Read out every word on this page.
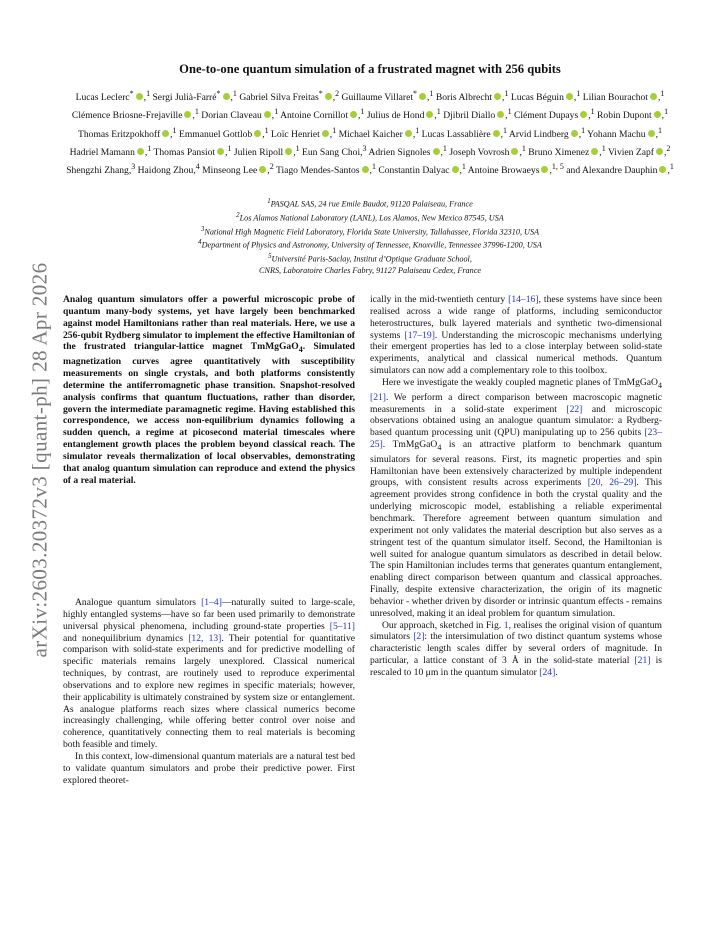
arXiv:2603.20372v3 [quant-ph] 28 Apr 2026
One-to-one quantum simulation of a frustrated magnet with 256 qubits
Lucas Leclerc* ,$^1$ Sergi Julià-Farré* ,$^1$ Gabriel Silva Freitas* ,$^2$ Guillaume Villaret* ,$^1$ Boris Albrecht ,$^1$ Lucas Béguin ,$^1$ Lilian Bourachot ,$^1$ Clémence Briosne-Frejaville ,$^1$ Dorian Claveau ,$^1$ Antoine Cornillot ,$^1$ Julius de Hond ,$^1$ Djibril Diallo ,$^1$ Clément Dupays ,$^1$ Robin Dupont ,$^1$ Thomas Eritzpokhoff ,$^1$ Emmanuel Gottlob ,$^1$ Loïc Henriet ,$^1$ Michael Kaicher ,$^1$ Lucas Lassablière ,$^1$ Arvid Lindberg ,$^1$ Yohann Machu ,$^1$ Hadriel Mamann ,$^1$ Thomas Pansiot ,$^1$ Julien Ripoll ,$^1$ Eun Sang Choi,$^3$ Adrien Signoles ,$^1$ Joseph Vovrosh ,$^1$ Bruno Ximenez ,$^1$ Vivien Zapf ,$^2$ Shengzhi Zhang,$^3$ Haidong Zhou,$^4$ Minseong Lee ,$^2$ Tiago Mendes-Santos ,$^1$ Constantin Dalyac ,$^1$ Antoine Browaeys ,$^{1, 5}$ and Alexandre Dauphin ,$^1$
$^1$PASQAL SAS, 24 rue Emile Baudot, 91120 Palaiseau, France
$^2$Los Alamos National Laboratory (LANL), Los Alamos, New Mexico 87545, USA
$^3$National High Magnetic Field Laboratory, Florida State University, Tallahassee, Florida 32310, USA
$^4$Department of Physics and Astronomy, University of Tennessee, Knoxville, Tennessee 37996-1200, USA
$^5$Université Paris-Saclay, Institut d’Optique Graduate School,
CNRS, Laboratoire Charles Fabry, 91127 Palaiseau Cedex, France

Analog quantum simulators offer a powerful microscopic probe of quantum many-body systems, yet have largely been benchmarked against model Hamiltonians rather than real materials. Here, we use a 256-qubit Rydberg simulator to implement the effective Hamiltonian of the frustrated triangular-lattice magnet TmMgGaO$_4$. Simulated magnetization curves agree quantitatively with susceptibility measurements on single crystals, and both platforms consistently determine the antiferromagnetic phase transition. Snapshot-resolved analysis confirms that quantum fluctuations, rather than disorder, govern the intermediate paramagnetic regime. Having established this correspondence, we access non-equilibrium dynamics following a sudden quench, a regime at picosecond material timescales where entanglement growth places the problem beyond classical reach. The simulator reveals thermalization of local observables, demonstrating that analog quantum simulation can reproduce and extend the physics of a real material.

Analogue quantum simulators [1–4]—naturally suited to large-scale, highly entangled systems—have so far been used primarily to demonstrate universal physical phenomena, including ground-state properties [5–11] and nonequilibrium dynamics [12, 13]. Their potential for quantitative comparison with solid-state experiments and for predictive modelling of specific materials remains largely unexplored. Classical numerical techniques, by contrast, are routinely used to reproduce experimental observations and to explore new regimes in specific materials; however, their applicability is ultimately constrained by system size or entanglement. As analogue platforms reach sizes where classical numerics become increasingly challenging, while offering better control over noise and coherence, quantitatively connecting them to real materials is becoming both feasible and timely.

In this context, low-dimensional quantum materials are a natural test bed to validate quantum simulators and probe their predictive power. First explored theoret-

ically in the mid-twentieth century [14–16], these systems have since been realised across a wide range of platforms, including semiconductor heterostructures, bulk layered materials and synthetic two-dimensional systems [17–19]. Understanding the microscopic mechanisms underlying their emergent properties has led to a close interplay between solid-state experiments, analytical and classical numerical methods. Quantum simulators can now add a complementary role to this toolbox.

Here we investigate the weakly coupled magnetic planes of TmMgGaO$_4$ [21]. We perform a direct comparison between macroscopic magnetic measurements in a solid-state experiment [22] and microscopic observations obtained using an analogue quantum simulator: a Rydberg-based quantum processing unit (QPU) manipulating up to 256 qubits [23–25]. TmMgGaO$_4$ is an attractive platform to benchmark quantum simulators for several reasons. First, its magnetic properties and spin Hamiltonian have been extensively characterized by multiple independent groups, with consistent results across experiments [20, 26–29]. This agreement provides strong confidence in both the crystal quality and the underlying microscopic model, establishing a reliable experimental benchmark. Therefore agreement between quantum simulation and experiment not only validates the material description but also serves as a stringent test of the quantum simulator itself. Second, the Hamiltonian is well suited for analogue quantum simulators as described in detail below. The spin Hamiltonian includes terms that generates quantum entanglement, enabling direct comparison between quantum and classical approaches. Finally, despite extensive characterization, the origin of its magnetic behavior - whether driven by disorder or intrinsic quantum effects - remains unresolved, making it an ideal problem for quantum simulation.

Our approach, sketched in Fig. 1, realises the original vision of quantum simulators [2]: the intersimulation of two distinct quantum systems whose characteristic length scales differ by several orders of magnitude. In particular, a lattice constant of 3 Å in the solid-state material [21] is rescaled to 10 μm in the quantum simulator [24].
